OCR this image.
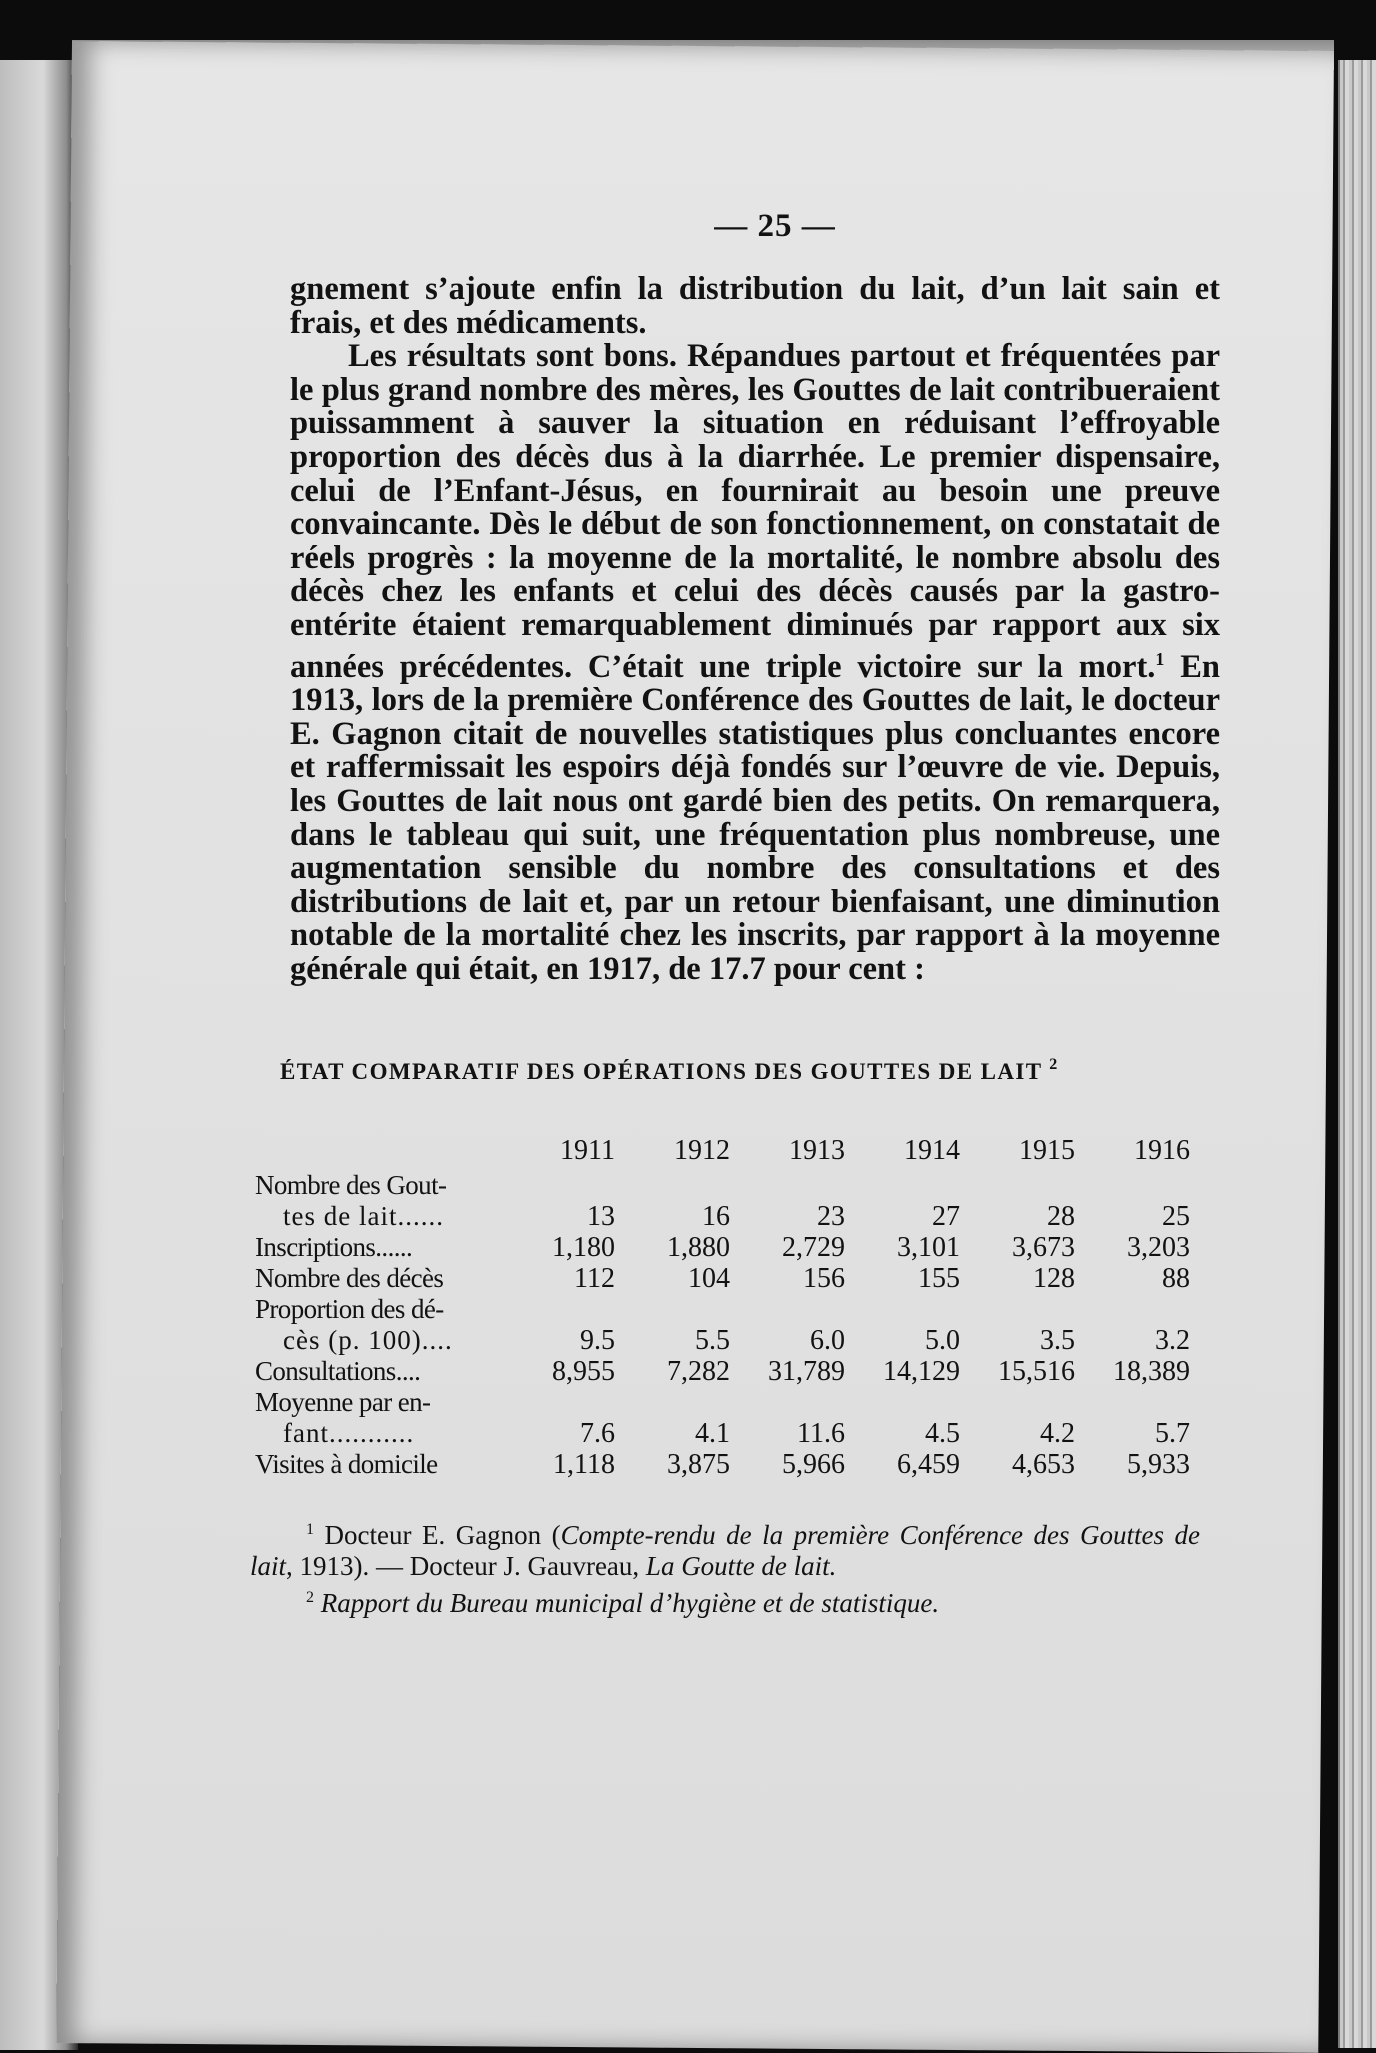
— 25 —

gnement s’ajoute enfin la distribution du lait, d’un lait sain et frais, et des médicaments.

Les résultats sont bons. Répandues partout et fréquentées par le plus grand nombre des mères, les Gouttes de lait contribueraient puissamment à sauver la situation en réduisant l’effroyable proportion des décès dus à la diarrhée. Le premier dispensaire, celui de l’Enfant-Jésus, en fournirait au besoin une preuve convaincante. Dès le début de son fonctionnement, on constatait de réels progrès : la moyenne de la mortalité, le nombre absolu des décès chez les enfants et celui des décès causés par la gastro-entérite étaient remarquablement diminués par rapport aux six années précédentes. C’était une triple victoire sur la mort.$^1$ En 1913, lors de la première Conférence des Gouttes de lait, le docteur E. Gagnon citait de nouvelles statistiques plus concluantes encore et raffermissait les espoirs déjà fondés sur l’œuvre de vie. Depuis, les Gouttes de lait nous ont gardé bien des petits. On remarquera, dans le tableau qui suit, une fréquentation plus nombreuse, une augmentation sensible du nombre des consultations et des distributions de lait et, par un retour bienfaisant, une diminution notable de la mortalité chez les inscrits, par rapport à la moyenne générale qui était, en 1917, de 17.7 pour cent :

ÉTAT COMPARATIF DES OPÉRATIONS DES GOUTTES DE LAIT $^2$
	1911	1912	1913	1914	1915	1916

Nombre des Gout-
tes de lait......	13	16	23	27	28	25
Inscriptions......	1,180	1,880	2,729	3,101	3,673	3,203
Nombre des décès	112	104	156	155	128	88

Proportion des dé-
cès (p. 100)....	9.5	5.5	6.0	5.0	3.5	3.2
Consultations....	8,955	7,282	31,789	14,129	15,516	18,389

Moyenne par en-
fant...........	7.6	4.1	11.6	4.5	4.2	5.7
Visites à domicile	1,118	3,875	5,966	6,459	4,653	5,933

$^1$ Docteur E. Gagnon (Compte-rendu de la première Conférence des Gouttes de lait, 1913). — Docteur J. Gauvreau, La Goutte de lait.

$^2$ Rapport du Bureau municipal d’hygiène et de statistique.
